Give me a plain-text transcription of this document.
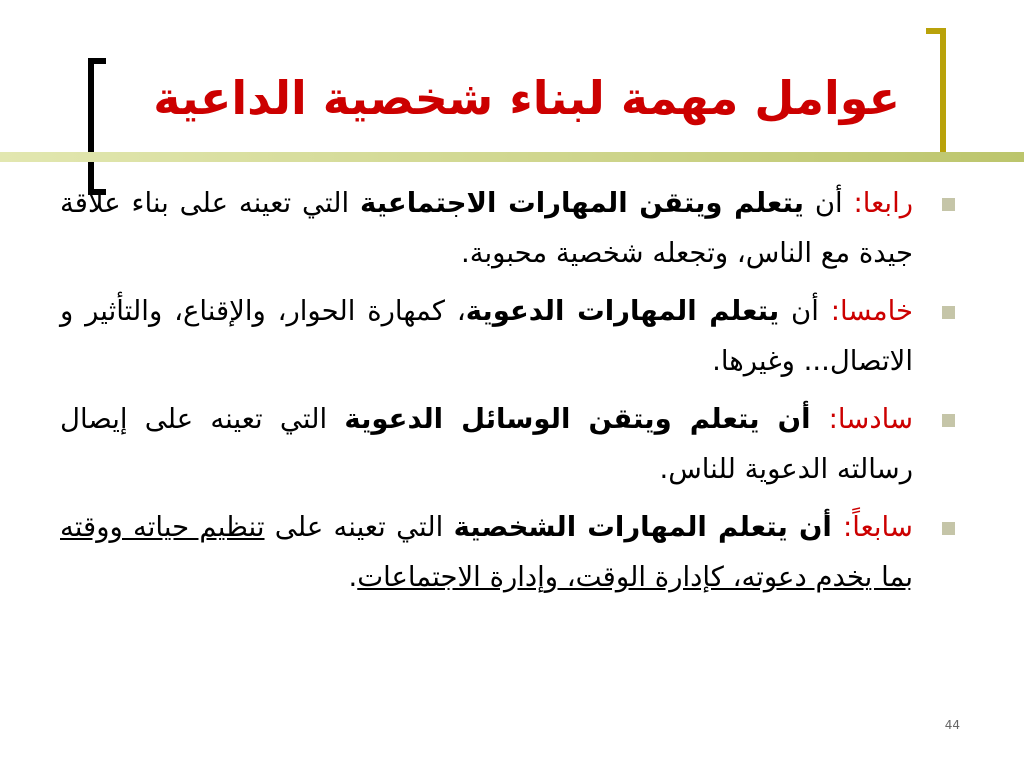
عوامل مهمة لبناء شخصية الداعية
رابعا: أن يتعلم ويتقن المهارات الاجتماعية التي تعينه على بناء علاقة جيدة مع الناس، وتجعله شخصية محبوبة.
خامسا: أن يتعلم المهارات الدعوية، كمهارة الحوار، والإقناع، والتأثير و الاتصال... وغيرها.
سادسا: أن يتعلم ويتقن الوسائل الدعوية التي تعينه على إيصال رسالته الدعوية للناس.
سابعاً: أن يتعلم المهارات الشخصية التي تعينه على تنظيم حياته ووقته بما يخدم دعوته، كإدارة الوقت، وإدارة الاجتماعات.
44
